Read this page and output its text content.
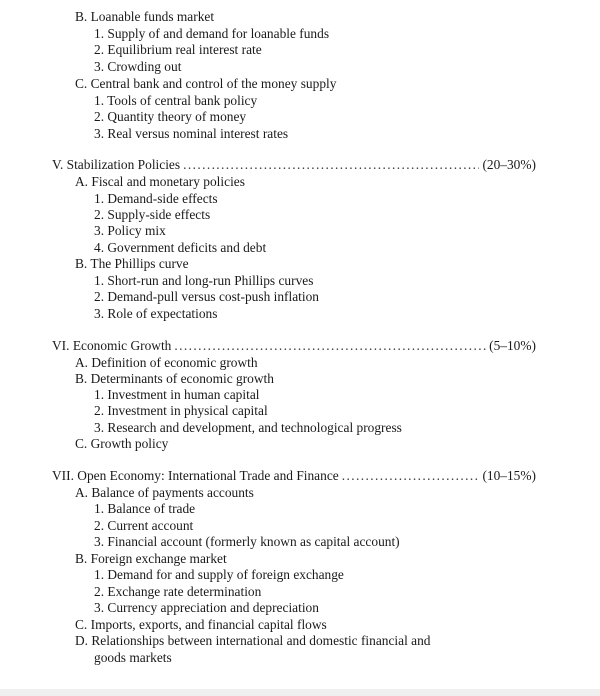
B. Loanable funds market
1. Supply of and demand for loanable funds
2. Equilibrium real interest rate
3. Crowding out
C. Central bank and control of the money supply
1. Tools of central bank policy
2. Quantity theory of money
3. Real versus nominal interest rates
V. Stabilization Policies .....	(20–30%)
A. Fiscal and monetary policies
1. Demand-side effects
2. Supply-side effects
3. Policy mix
4. Government deficits and debt
B. The Phillips curve
1. Short-run and long-run Phillips curves
2. Demand-pull versus cost-push inflation
3. Role of expectations
VI. Economic Growth .....	(5–10%)
A. Definition of economic growth
B. Determinants of economic growth
1. Investment in human capital
2. Investment in physical capital
3. Research and development, and technological progress
C. Growth policy
VII. Open Economy: International Trade and Finance .....	(10–15%)
A. Balance of payments accounts
1. Balance of trade
2. Current account
3. Financial account (formerly known as capital account)
B. Foreign exchange market
1. Demand for and supply of foreign exchange
2. Exchange rate determination
3. Currency appreciation and depreciation
C. Imports, exports, and financial capital flows
D. Relationships between international and domestic financial and
goods markets
